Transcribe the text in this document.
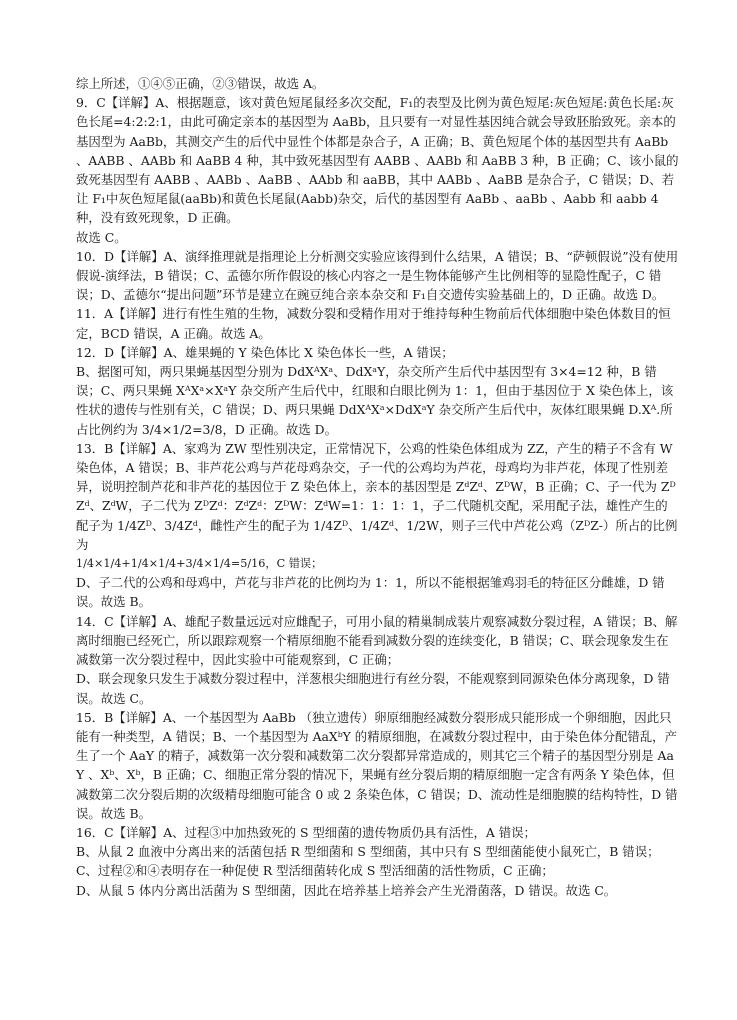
综上所述，①④⑤正确，②③错误，故选 A。

9．C【详解】A、根据题意，该对黄色短尾鼠经多次交配，F₁的表型及比例为黄色短尾:灰色短尾:黄色长尾:灰色长尾=4:2:2:1，由此可确定亲本的基因型为 AaBb，且只要有一对显性基因纯合就会导致胚胎致死。亲本的基因型为 AaBb，其测交产生的后代中显性个体都是杂合子，A 正确；B、黄色短尾个体的基因型共有 AaBb 、AABB 、AABb 和 AaBB 4 种，其中致死基因型有 AABB 、AABb 和 AaBB 3 种，B 正确；C、该小鼠的致死基因型有 AABB 、AABb 、AaBB 、AAbb 和 aaBB，其中 AABb 、AaBB 是杂合子，C 错误；D、若让 F₁中灰色短尾鼠(aaBb)和黄色长尾鼠(Aabb)杂交，后代的基因型有 AaBb 、aaBb 、Aabb 和 aabb 4 种，没有致死现象，D 正确。

故选 C。

10．D【详解】A、演绎推理就是指理论上分析测交实验应该得到什么结果，A 错误；B、“萨顿假说”没有使用假说-演绎法，B 错误；C、孟德尔所作假设的核心内容之一是生物体能够产生比例相等的显隐性配子，C 错误；D、孟德尔“提出问题”环节是建立在豌豆纯合亲本杂交和 F₁自交遗传实验基础上的，D 正确。故选 D。

11．A【详解】进行有性生殖的生物，减数分裂和受精作用对于维持每种生物前后代体细胞中染色体数目的恒定，BCD 错误，A 正确。故选 A。

12．D【详解】A、雄果蝇的 Y 染色体比 X 染色体长一些，A 错误；

B、据图可知，两只果蝇基因型分别为 DdXᴬXᵃ、DdXᵃY，杂交所产生后代中基因型有 3×4=12 种，B 错误；C、两只果蝇 XᴬXᵃ×XᵃY 杂交所产生后代中，红眼和白眼比例为 1：1，但由于基因位于 X 染色体上，该性状的遗传与性别有关，C 错误；D、两只果蝇 DdXᴬXᵃ×DdXᵃY 杂交所产生后代中，灰体红眼果蝇 D.Xᴬ.所占比例约为 3/4×1/2=3/8，D 正确。故选 D。

13．B【详解】A、家鸡为 ZW 型性别决定，正常情况下，公鸡的性染色体组成为 ZZ，产生的精子不含有 W 染色体，A 错误；B、非芦花公鸡与芦花母鸡杂交，子一代的公鸡均为芦花，母鸡均为非芦花，体现了性别差异，说明控制芦花和非芦花的基因位于 Z 染色体上，亲本的基因型是 ZᵈZᵈ、ZᴰW，B 正确；C、子一代为 ZᴰZᵈ、ZᵈW，子二代为 ZᴰZᵈ：ZᵈZᵈ：ZᴰW：ZᵈW=1：1：1：1，子二代随机交配，采用配子法，雄性产生的配子为 1/4Zᴰ、3/4Zᵈ，雌性产生的配子为 1/4Zᴰ、1/4Zᵈ、1/2W，则子三代中芦花公鸡（ZᴰZ-）所占的比例为

1/4×1/4+1/4×1/4+3/4×1/4=5/16，C 错误；

D、子二代的公鸡和母鸡中，芦花与非芦花的比例均为 1：1，所以不能根据雏鸡羽毛的特征区分雌雄，D 错误。故选 B。

14．C【详解】A、雄配子数量远远对应雌配子，可用小鼠的精巢制成装片观察减数分裂过程，A 错误；B、解离时细胞已经死亡，所以跟踪观察一个精原细胞不能看到减数分裂的连续变化，B 错误；C、联会现象发生在减数第一次分裂过程中，因此实验中可能观察到，C 正确；

D、联会现象只发生于减数分裂过程中，洋葱根尖细胞进行有丝分裂，不能观察到同源染色体分离现象，D 错误。故选 C。

15．B【详解】A、一个基因型为 AaBb （独立遗传）卵原细胞经减数分裂形成只能形成一个卵细胞，因此只能有一种类型，A 错误；B、一个基因型为 AaXᵇY 的精原细胞，在减数分裂过程中，由于染色体分配错乱，产生了一个 AaY 的精子，减数第一次分裂和减数第二次分裂都异常造成的，则其它三个精子的基因型分别是 AaY 、Xᵇ、Xᵇ，B 正确；C、细胞正常分裂的情况下，果蝇有丝分裂后期的精原细胞一定含有两条 Y 染色体，但减数第二次分裂后期的次级精母细胞可能含 0 或 2 条染色体，C 错误；D、流动性是细胞膜的结构特性，D 错误。故选 B。

16．C【详解】A、过程③中加热致死的 S 型细菌的遗传物质仍具有活性，A 错误；

B、从鼠 2 血液中分离出来的活菌包括 R 型细菌和 S 型细菌，其中只有 S 型细菌能使小鼠死亡，B 错误；C、过程②和④表明存在一种促使 R 型活细菌转化成 S 型活细菌的活性物质，C 正确；

D、从鼠 5 体内分离出活菌为 S 型细菌，因此在培养基上培养会产生光滑菌落，D 错误。故选 C。
